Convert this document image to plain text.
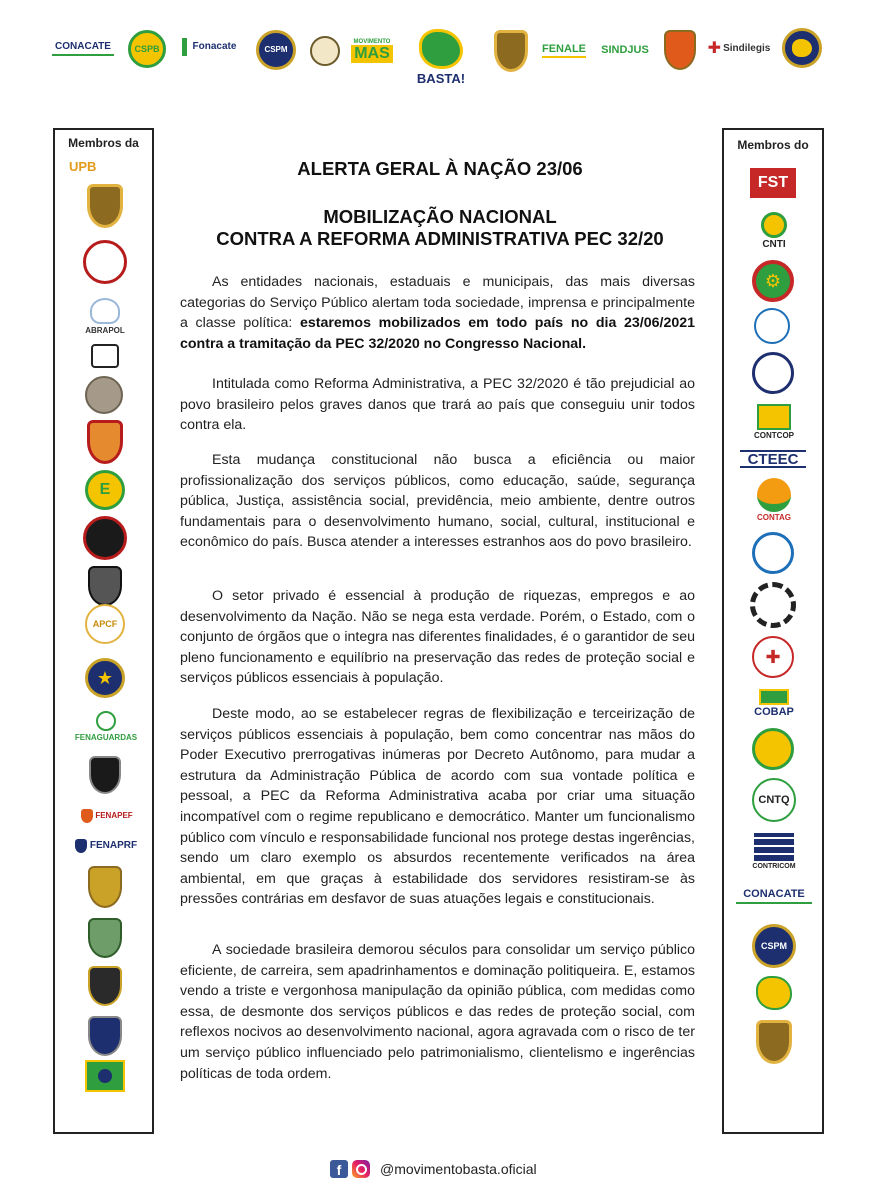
CONACATE	CSPB	Fonacate	CSPM
MOVIMENTO
MAS
BASTA!
FENALE SINDJUS	✚ Sindilegis
Membros da
UPB
ABRAPOL
E
APCF
★
FENAGUARDAS
FENAPEF
FENAPRF
Membros do
FST
CNTI
⚙
CONTCOP
CTEEC
CONTAG
✚
COBAP
CNTQ
CONTRICOM
CONACATE
CSPM
ALERTA GERAL À NAÇÃO 23/06
MOBILIZAÇÃO NACIONAL
CONTRA A REFORMA ADMINISTRATIVA PEC 32/20

As entidades nacionais, estaduais e municipais, das mais diversas categorias do Serviço Público alertam toda sociedade, imprensa e principalmente a classe política: estaremos mobilizados em todo país no dia 23/06/2021 contra a tramitação da PEC 32/2020 no Congresso Nacional.

Intitulada como Reforma Administrativa, a PEC 32/2020 é tão prejudicial ao povo brasileiro pelos graves danos que trará ao país que conseguiu unir todos contra ela.

Esta mudança constitucional não busca a eficiência ou maior profissionalização dos serviços públicos, como educação, saúde, segurança pública, Justiça, assistência social, previdência, meio ambiente, dentre outros fundamentais para o desenvolvimento humano, social, cultural, institucional e econômico do país. Busca atender a interesses estranhos aos do povo brasileiro.

O setor privado é essencial à produção de riquezas, empregos e ao desenvolvimento da Nação. Não se nega esta verdade. Porém, o Estado, com o conjunto de órgãos que o integra nas diferentes finalidades, é o garantidor de seu pleno funcionamento e equilíbrio na preservação das redes de proteção social e serviços públicos essenciais à população.

Deste modo, ao se estabelecer regras de flexibilização e terceirização de serviços públicos essenciais à população, bem como concentrar nas mãos do Poder Executivo prerrogativas inúmeras por Decreto Autônomo, para mudar a estrutura da Administração Pública de acordo com sua vontade política e pessoal, a PEC da Reforma Administrativa acaba por criar uma situação incompatível com o regime republicano e democrático. Manter um funcionalismo público com vínculo e responsabilidade funcional nos protege destas ingerências, sendo um claro exemplo os absurdos recentemente verificados na área ambiental, em que graças à estabilidade dos servidores resistiram-se às pressões contrárias em desfavor de suas atuações legais e constitucionais.

A sociedade brasileira demorou séculos para consolidar um serviço público eficiente, de carreira, sem apadrinhamentos e dominação politiqueira. E, estamos vendo a triste e vergonhosa manipulação da opinião pública, com medidas como essa, de desmonte dos serviços públicos e das redes de proteção social, com reflexos nocivos ao desenvolvimento nacional, agora agravada com o risco de ter um serviço público influenciado pelo patrimonialismo, clientelismo e ingerências políticas de toda ordem.

f	@movimentobasta.oficial
